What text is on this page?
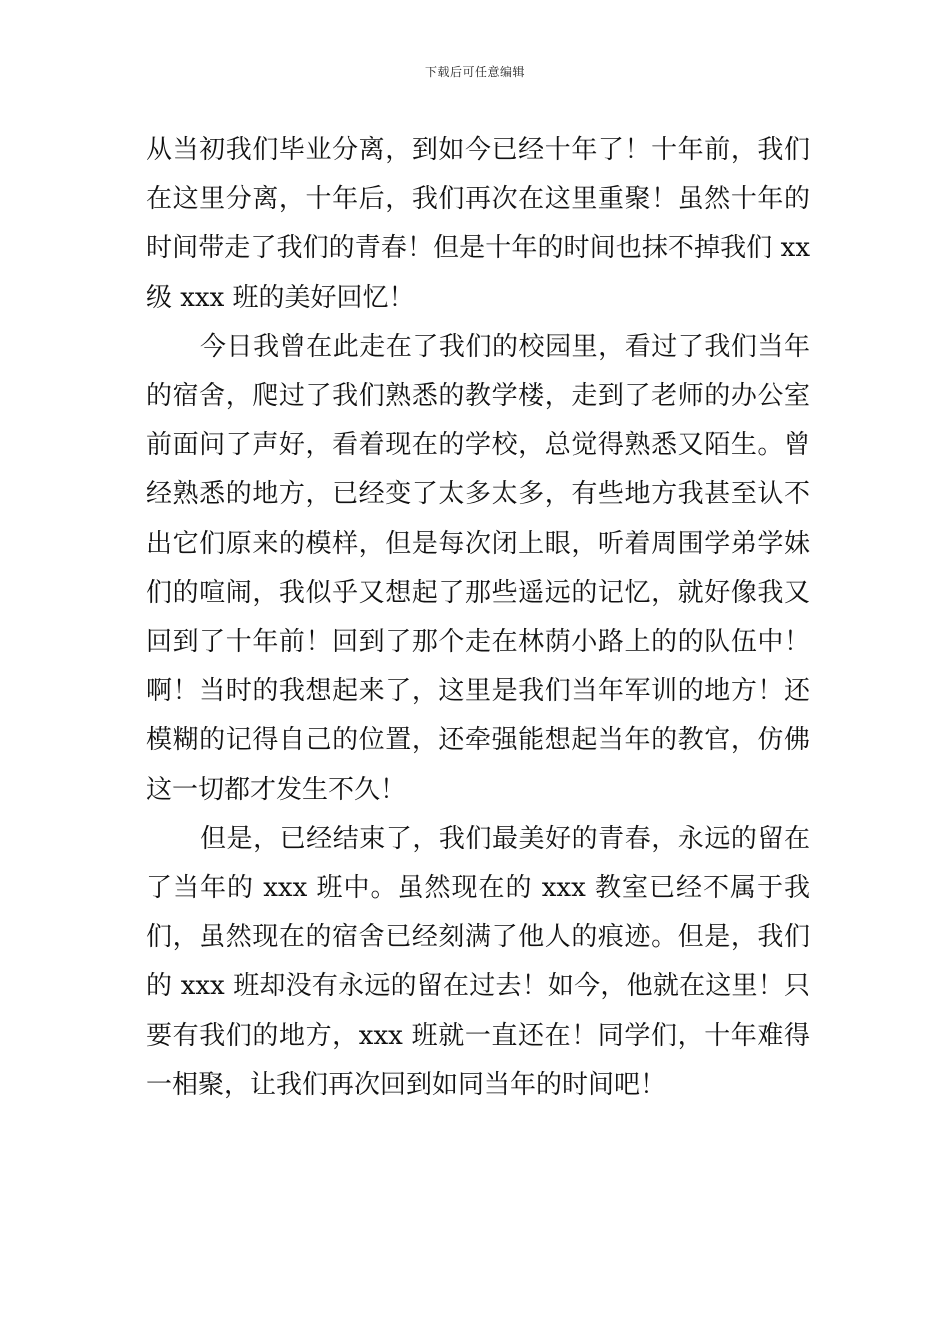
下载后可任意编辑

从当初我们毕业分离，到如今已经十年了！十年前，我们在这里分离，十年后，我们再次在这里重聚！虽然十年的时间带走了我们的青春！但是十年的时间也抹不掉我们 xx 级 xxx 班的美好回忆！

今日我曾在此走在了我们的校园里，看过了我们当年的宿舍，爬过了我们熟悉的教学楼，走到了老师的办公室前面问了声好，看着现在的学校，总觉得熟悉又陌生。曾经熟悉的地方，已经变了太多太多，有些地方我甚至认不出它们原来的模样，但是每次闭上眼，听着周围学弟学妹们的喧闹，我似乎又想起了那些遥远的记忆，就好像我又回到了十年前！回到了那个走在林荫小路上的的队伍中！啊！当时的我想起来了，这里是我们当年军训的地方！还模糊的记得自己的位置，还牵强能想起当年的教官，仿佛这一切都才发生不久！

但是，已经结束了，我们最美好的青春，永远的留在了当年的 xxx 班中。虽然现在的 xxx 教室已经不属于我们，虽然现在的宿舍已经刻满了他人的痕迹。但是，我们的 xxx 班却没有永远的留在过去！如今，他就在这里！只要有我们的地方，xxx 班就一直还在！同学们，十年难得一相聚，让我们再次回到如同当年的时间吧！
